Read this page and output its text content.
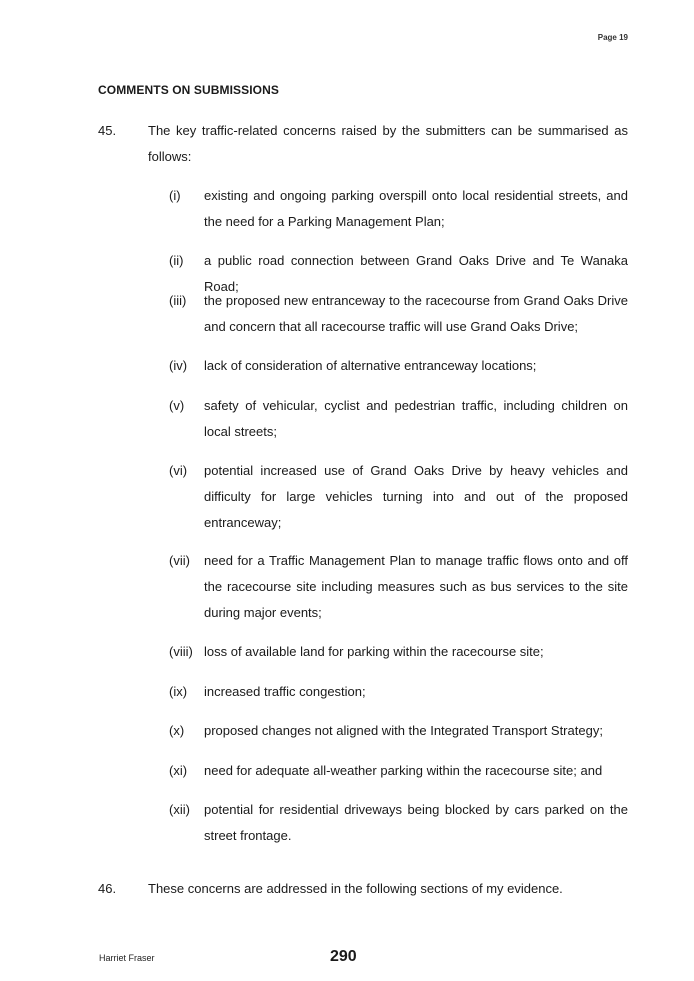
Page 19
COMMENTS ON SUBMISSIONS
45. The key traffic-related concerns raised by the submitters can be summarised as follows:
(i) existing and ongoing parking overspill onto local residential streets, and the need for a Parking Management Plan;
(ii) a public road connection between Grand Oaks Drive and Te Wanaka Road;
(iii) the proposed new entranceway to the racecourse from Grand Oaks Drive and concern that all racecourse traffic will use Grand Oaks Drive;
(iv) lack of consideration of alternative entranceway locations;
(v) safety of vehicular, cyclist and pedestrian traffic, including children on local streets;
(vi) potential increased use of Grand Oaks Drive by heavy vehicles and difficulty for large vehicles turning into and out of the proposed entranceway;
(vii) need for a Traffic Management Plan to manage traffic flows onto and off the racecourse site including measures such as bus services to the site during major events;
(viii) loss of available land for parking within the racecourse site;
(ix) increased traffic congestion;
(x) proposed changes not aligned with the Integrated Transport Strategy;
(xi) need for adequate all-weather parking within the racecourse site; and
(xii) potential for residential driveways being blocked by cars parked on the street frontage.
46. These concerns are addressed in the following sections of my evidence.
Harriet Fraser	290
